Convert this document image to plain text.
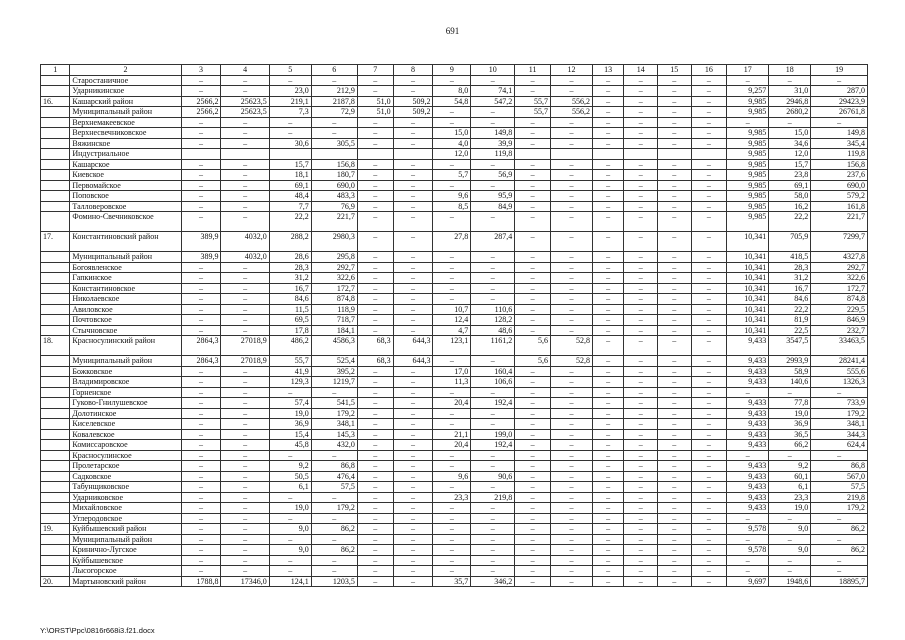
691
1	2	3	4	5	6	7	8	9	10	11	12	13	14	15	16	17	18	19
	Старостаничное	–	–	–	–	–	–	–	–	–	–	–	–	–	–	–	–	–
	Ударникинское	–	–	23,0	212,9	–	–	8,0	74,1	–	–	–	–	–	–	9,257	31,0	287,0
16.	Кашарский район	2566,2	25623,5	219,1	2187,8	51,0	509,2	54,8	547,2	55,7	556,2	–	–	–	–	9,985	2946,8	29423,9
	Муниципальный район	2566,2	25623,5	7,3	72,9	51,0	509,2	–	–	55,7	556,2	–	–	–	–	9,985	2680,2	26761,8
	Верхнемакеевское	–	–	–	–	–	–	–	–	–	–	–	–	–	–	–	–	–
	Верхнесвечниковское	–	–	–	–	–	–	15,0	149,8	–	–	–	–	–	–	9,985	15,0	149,8
	Вяжинское	–	–	30,6	305,5	–	–	4,0	39,9	–	–	–	–	–	–	9,985	34,6	345,4
	Индустриальное							12,0	119,8							9,985	12,0	119,8
	Кашарское	–	–	15,7	156,8	–	–	–	–	–	–	–	–	–	–	9,985	15,7	156,8
	Киевское	–	–	18,1	180,7	–	–	5,7	56,9	–	–	–	–	–	–	9,985	23,8	237,6
	Первомайское	–	–	69,1	690,0	–	–	–	–	–	–	–	–	–	–	9,985	69,1	690,0
	Поповское	–	–	48,4	483,3	–	–	9,6	95,9	–	–	–	–	–	–	9,985	58,0	579,2
	Талловеровское	–	–	7,7	76,9	–	–	8,5	84,9	–	–	–	–	–	–	9,985	16,2	161,8
	Фомино-Свечниковское	–	–	22,2	221,7	–	–	–	–	–	–	–	–	–	–	9,985	22,2	221,7
17.	Константиновский район	389,9	4032,0	288,2	2980,3	–	–	27,8	287,4	–	–	–	–	–	–	10,341	705,9	7299,7
	Муниципальный район	389,9	4032,0	28,6	295,8	–	–	–	–	–	–	–	–	–	–	10,341	418,5	4327,8
	Богоявленское	–	–	28,3	292,7	–	–	–	–	–	–	–	–	–	–	10,341	28,3	292,7
	Гапкинское	–	–	31,2	322,6	–	–	–	–	–	–	–	–	–	–	10,341	31,2	322,6
	Константиновское	–	–	16,7	172,7	–	–	–	–	–	–	–	–	–	–	10,341	16,7	172,7
	Николаевское	–	–	84,6	874,8	–	–	–	–	–	–	–	–	–	–	10,341	84,6	874,8
	Авиловское	–	–	11,5	118,9	–	–	10,7	110,6	–	–	–	–	–	–	10,341	22,2	229,5
	Почтовское	–	–	69,5	718,7	–	–	12,4	128,2	–	–	–	–	–	–	10,341	81,9	846,9
	Стычновское	–	–	17,8	184,1	–	–	4,7	48,6	–	–	–	–	–	–	10,341	22,5	232,7
18.	Красносулинский район	2864,3	27018,9	486,2	4586,3	68,3	644,3	123,1	1161,2	5,6	52,8	–	–	–	–	9,433	3547,5	33463,5
	Муниципальный район	2864,3	27018,9	55,7	525,4	68,3	644,3	–	–	5,6	52,8	–	–	–	–	9,433	2993,9	28241,4
	Божковское	–	–	41,9	395,2	–	–	17,0	160,4	–	–	–	–	–	–	9,433	58,9	555,6
	Владимировское	–	–	129,3	1219,7	–	–	11,3	106,6	–	–	–	–	–	–	9,433	140,6	1326,3
	Горненское	–	–	–	–	–	–	–	–	–	–	–	–	–	–	–	–	–
	Гуково-Гнилушевское	–	–	57,4	541,5	–	–	20,4	192,4	–	–	–	–	–	–	9,433	77,8	733,9
	Долотинское	–	–	19,0	179,2	–	–	–	–	–	–	–	–	–	–	9,433	19,0	179,2
	Киселевское	–	–	36,9	348,1	–	–	–	–	–	–	–	–	–	–	9,433	36,9	348,1
	Ковалевское	–	–	15,4	145,3	–	–	21,1	199,0	–	–	–	–	–	–	9,433	36,5	344,3
	Комиссаровское	–	–	45,8	432,0	–	–	20,4	192,4	–	–	–	–	–	–	9,433	66,2	624,4
	Красносулинское	–	–	–	–	–	–	–	–	–	–	–	–	–	–	–	–	–
	Пролетарское	–	–	9,2	86,8	–	–	–	–	–	–	–	–	–	–	9,433	9,2	86,8
	Садковское	–	–	50,5	476,4	–	–	9,6	90,6	–	–	–	–	–	–	9,433	60,1	567,0
	Табунщиковское	–	–	6,1	57,5	–	–	–	–	–	–	–	–	–	–	9,433	6,1	57,5
	Ударниковское	–	–	–	–	–	–	23,3	219,8	–	–	–	–	–	–	9,433	23,3	219,8
	Михайловское	–	–	19,0	179,2	–	–	–	–	–	–	–	–	–	–	9,433	19,0	179,2
	Углеродовское	–	–	–	–	–	–	–	–	–	–	–	–	–	–	–	–	–
19.	Куйбышевский район	–	–	9,0	86,2	–	–	–	–	–	–	–	–	–	–	9,578	9,0	86,2
	Муниципальный район	–	–	–	–	–	–	–	–	–	–	–	–	–	–	–	–	–
	Кринично-Лугское	–	–	9,0	86,2	–	–	–	–	–	–	–	–	–	–	9,578	9,0	86,2
	Куйбышевское	–	–	–	–	–	–	–	–	–	–	–	–	–	–	–	–	–
	Лысогорское	–	–	–	–	–	–	–	–	–	–	–	–	–	–	–	–	–
20.	Мартыновский район	1788,8	17346,0	124,1	1203,5	–	–	35,7	346,2	–	–	–	–	–	–	9,697	1948,6	18895,7
Y:\ORST\Ppc\0816r668i3.f21.docx
